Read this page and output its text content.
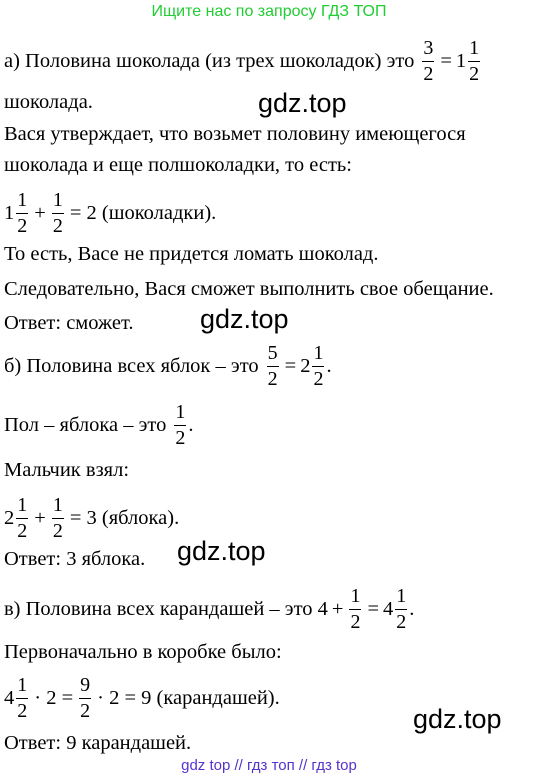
Ищите нас по запросу ГДЗ ТОП
а) Половина шоколада (из трех шоколадок) это $\frac{3}{2} = 1 \frac{1}{2}$
шоколада.
Вася утверждает, что возьмет половину имеющегося
шоколада и еще полшоколадки, то есть:
$1 \frac{1}{2} + \frac{1}{2} = 2$ (шоколадки).
То есть, Васе не придется ломать шоколад.
Следовательно, Вася сможет выполнить свое обещание.
Ответ: сможет.
б) Половина всех яблок – это $\frac{5}{2} = 2 \frac{1}{2}$ .
Пол – яблока – это $\frac{1}{2}$ .
Мальчик взял:
$2 \frac{1}{2} + \frac{1}{2} = 3$ (яблока).
Ответ: 3 яблока.
в) Половина всех карандашей – это $4 + \frac{1}{2} = 4 \frac{1}{2}$ .
Первоначально в коробке было:
$4 \frac{1}{2} \cdot 2 = \frac{9}{2} \cdot 2 = 9$ (карандашей).
Ответ: 9 карандашей.
gdz.top
gdz.top
gdz.top
gdz.top
gdz top // гдз топ // гдз top
